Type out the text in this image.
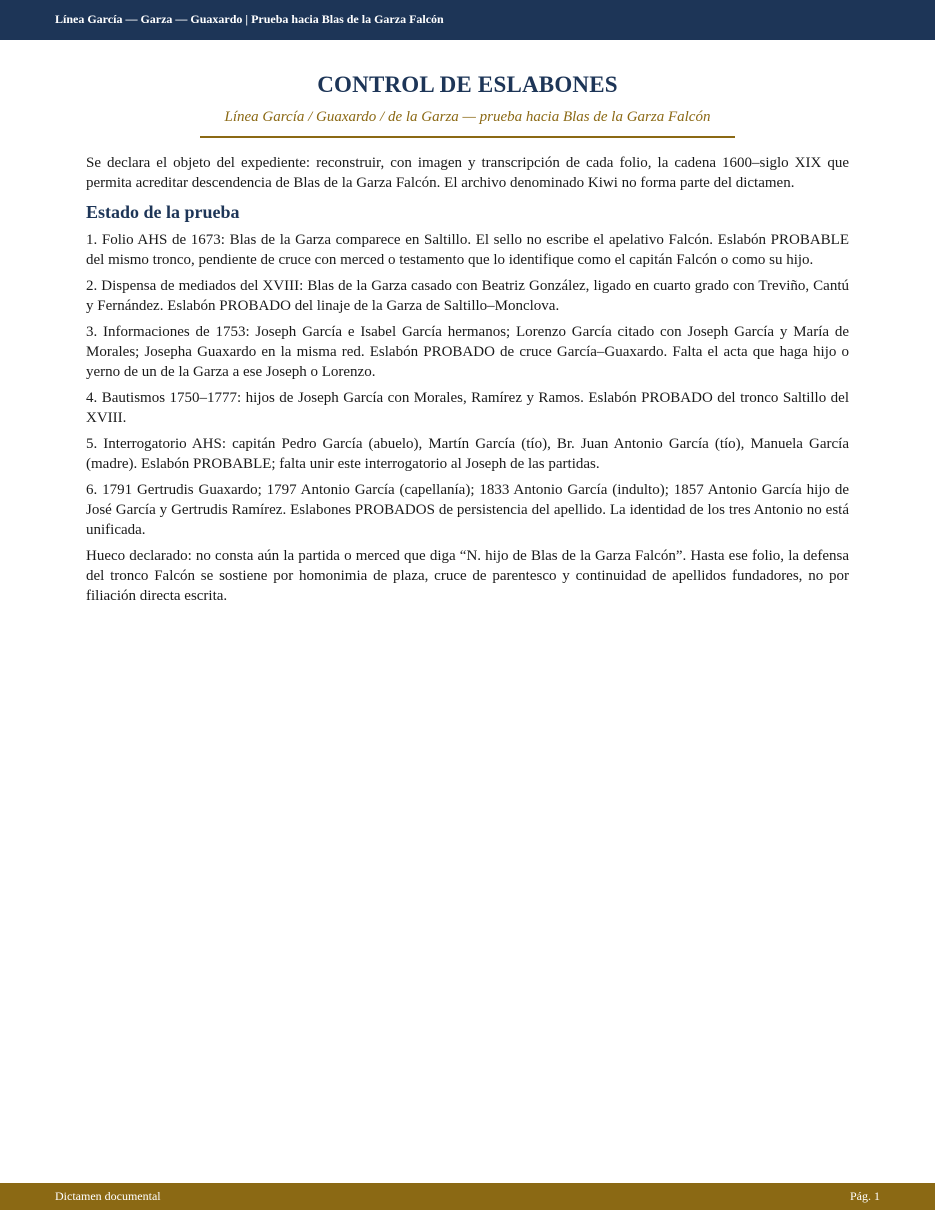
Línea García — Garza — Guaxardo | Prueba hacia Blas de la Garza Falcón
CONTROL DE ESLABONES

Línea García / Guaxardo / de la Garza — prueba hacia Blas de la Garza Falcón

Se declara el objeto del expediente: reconstruir, con imagen y transcripción de cada folio, la cadena 1600–siglo XIX que permita acreditar descendencia de Blas de la Garza Falcón. El archivo denominado Kiwi no forma parte del dictamen.

Estado de la prueba

1. Folio AHS de 1673: Blas de la Garza comparece en Saltillo. El sello no escribe el apelativo Falcón. Eslabón PROBABLE del mismo tronco, pendiente de cruce con merced o testamento que lo identifique como el capitán Falcón o como su hijo.

2. Dispensa de mediados del XVIII: Blas de la Garza casado con Beatriz González, ligado en cuarto grado con Treviño, Cantú y Fernández. Eslabón PROBADO del linaje de la Garza de Saltillo–Monclova.

3. Informaciones de 1753: Joseph García e Isabel García hermanos; Lorenzo García citado con Joseph García y María de Morales; Josepha Guaxardo en la misma red. Eslabón PROBADO de cruce García–Guaxardo. Falta el acta que haga hijo o yerno de un de la Garza a ese Joseph o Lorenzo.

4. Bautismos 1750–1777: hijos de Joseph García con Morales, Ramírez y Ramos. Eslabón PROBADO del tronco Saltillo del XVIII.

5. Interrogatorio AHS: capitán Pedro García (abuelo), Martín García (tío), Br. Juan Antonio García (tío), Manuela García (madre). Eslabón PROBABLE; falta unir este interrogatorio al Joseph de las partidas.

6. 1791 Gertrudis Guaxardo; 1797 Antonio García (capellanía); 1833 Antonio García (indulto); 1857 Antonio García hijo de José García y Gertrudis Ramírez. Eslabones PROBADOS de persistencia del apellido. La identidad de los tres Antonio no está unificada.

Hueco declarado: no consta aún la partida o merced que diga “N. hijo de Blas de la Garza Falcón”. Hasta ese folio, la defensa del tronco Falcón se sostiene por homonimia de plaza, cruce de parentesco y continuidad de apellidos fundadores, no por filiación directa escrita.

Dictamen documental	Pág. 1
